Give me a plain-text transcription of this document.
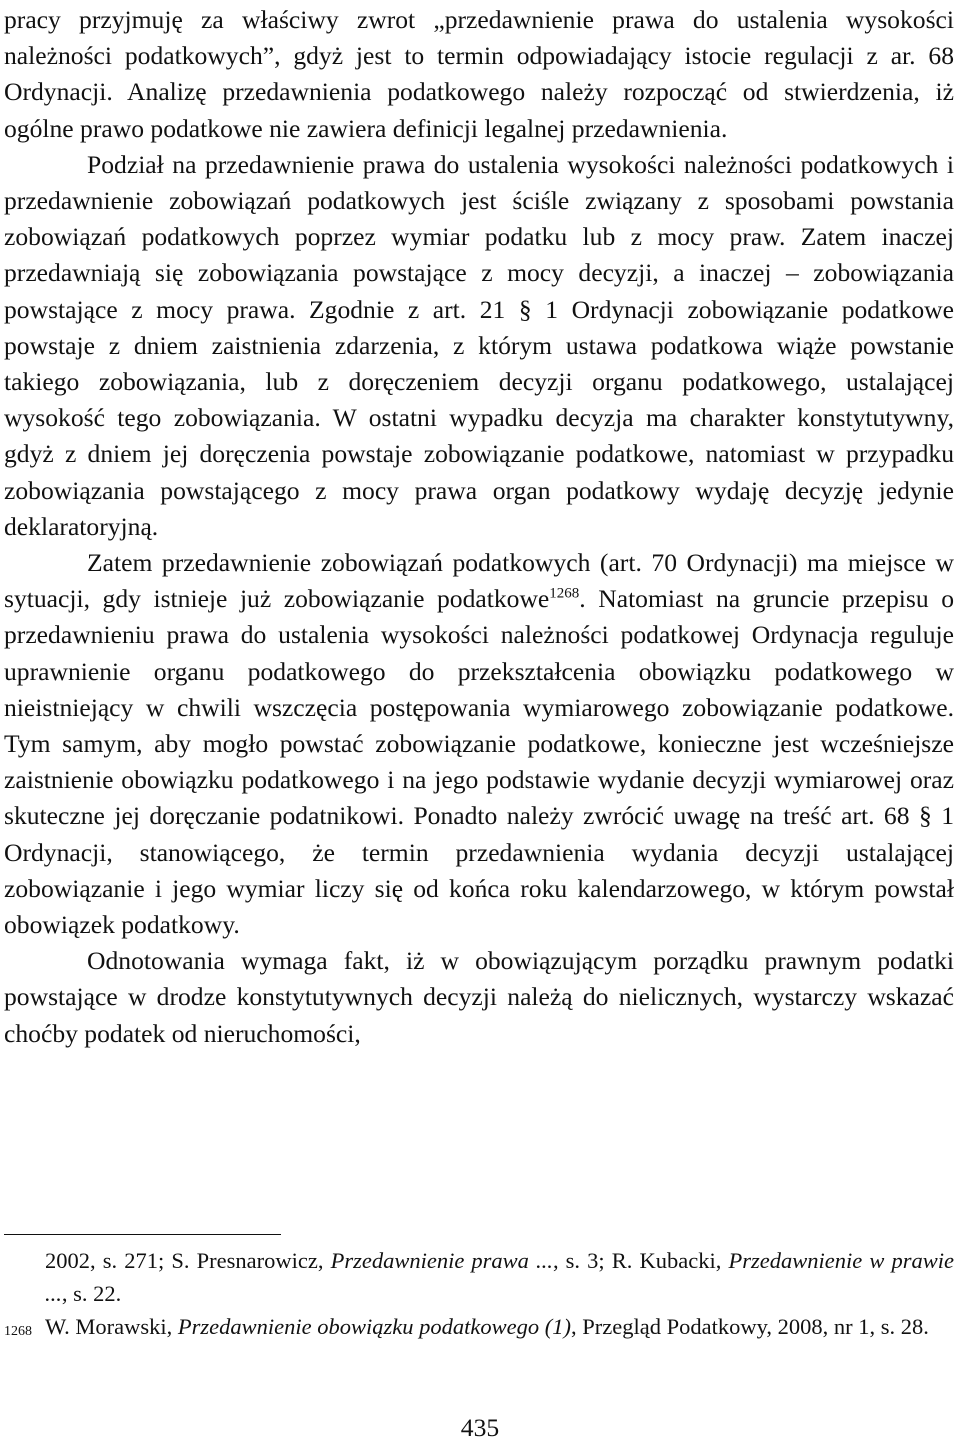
pracy przyjmuję za właściwy zwrot „przedawnienie prawa do ustalenia wysokości należności podatkowych”, gdyż jest to termin odpowiadający istocie regulacji z ar. 68 Ordynacji. Analizę przedawnienia podatkowego należy rozpocząć od stwierdzenia, iż ogólne prawo podatkowe nie zawiera definicji legalnej przedawnienia.

Podział na przedawnienie prawa do ustalenia wysokości należności podatkowych i przedawnienie zobowiązań podatkowych jest ściśle związany z sposobami powstania zobowiązań podatkowych poprzez wymiar podatku lub z mocy praw. Zatem inaczej przedawniają się zobowiązania powstające z mocy decyzji, a inaczej – zobowiązania powstające z mocy prawa. Zgodnie z art. 21 § 1 Ordynacji zobowiązanie podatkowe powstaje z dniem zaistnienia zdarzenia, z którym ustawa podatkowa wiąże powstanie takiego zobowiązania, lub z doręczeniem decyzji organu podatkowego, ustalającej wysokość tego zobowiązania. W ostatni wypadku decyzja ma charakter konstytutywny, gdyż z dniem jej doręczenia powstaje zobowiązanie podatkowe, natomiast w przypadku zobowiązania powstającego z mocy prawa organ podatkowy wydaję decyzję jedynie deklaratoryjną.

Zatem przedawnienie zobowiązań podatkowych (art. 70 Ordynacji) ma miejsce w sytuacji, gdy istnieje już zobowiązanie podatkowe$^{1268}$. Natomiast na gruncie przepisu o przedawnieniu prawa do ustalenia wysokości należności podatkowej Ordynacja reguluje uprawnienie organu podatkowego do przekształcenia obowiązku podatkowego w nieistniejący w chwili wszczęcia postępowania wymiarowego zobowiązanie podatkowe. Tym samym, aby mogło powstać zobowiązanie podatkowe, konieczne jest wcześniejsze zaistnienie obowiązku podatkowego i na jego podstawie wydanie decyzji wymiarowej oraz skuteczne jej doręczanie podatnikowi. Ponadto należy zwrócić uwagę na treść art. 68 § 1 Ordynacji, stanowiącego, że termin przedawnienia wydania decyzji ustalającej zobowiązanie i jego wymiar liczy się od końca roku kalendarzowego, w którym powstał obowiązek podatkowy.

Odnotowania wymaga fakt, iż w obowiązującym porządku prawnym podatki powstające w drodze konstytutywnych decyzji należą do nielicznych, wystarczy wskazać choćby podatek od nieruchomości,

2002, s. 271; S. Presnarowicz, Przedawnienie prawa ..., s. 3; R. Kubacki, Przedawnienie w prawie ..., s. 22.

1268 W. Morawski, Przedawnienie obowiązku podatkowego (1), Przegląd Podatkowy, 2008, nr 1, s. 28.

435
